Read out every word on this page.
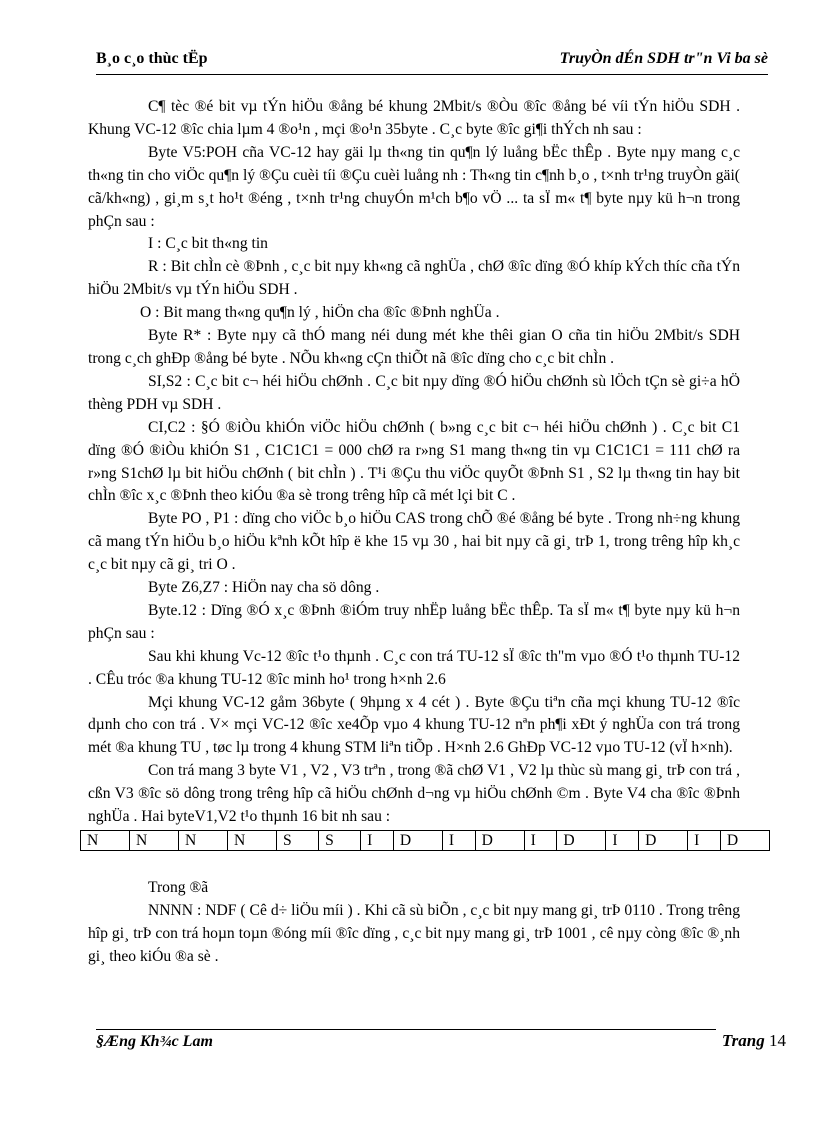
B¸o c¸o thùc tËp	TruyÒn dÉn SDH tr"n Vi ba sè

C¶ tèc ®é bit vµ tÝn hiÖu ®ång bé khung 2Mbit/s ®Òu ®îc ®ång bé víi tÝn hiÖu SDH . Khung VC-12 ®îc chia lµm 4 ®o¹n , mçi ®o¹n 35byte . C¸c byte ®îc gi¶i thÝch nh sau :

Byte V5:POH cña VC-12 hay gäi lµ th«ng tin qu¶n lý luång bËc thÊp . Byte nµy mang c¸c th«ng tin cho viÖc qu¶n lý ®Çu cuèi tíi ®Çu cuèi luång nh : Th«ng tin c¶nh b¸o , t×nh tr¹ng truyÒn gäi( cã/kh«ng) , gi¸m s¸t ho¹t ®éng , t×nh tr¹ng chuyÓn m¹ch b¶o vÖ ... ta sÏ m« t¶ byte nµy kü h¬n trong phÇn sau :

I : C¸c bit th«ng tin

R : Bit chÌn cè ®Þnh , c¸c bit nµy kh«ng cã nghÜa , chØ ®îc dïng ®Ó khíp kÝch thíc cña tÝn hiÖu 2Mbit/s vµ tÝn hiÖu SDH .

O : Bit mang th«ng qu¶n lý , hiÖn cha ®îc ®Þnh nghÜa .

Byte R* : Byte nµy cã thÓ mang néi dung mét khe thêi gian O cña tin hiÖu 2Mbit/s SDH trong c¸ch ghÐp ®ång bé byte . NÕu kh«ng cÇn thiÕt nã ®îc dïng cho c¸c bit chÌn .

SI,S2 : C¸c bit c¬ héi hiÖu chØnh . C¸c bit nµy dïng ®Ó hiÖu chØnh sù lÖch tÇn sè gi÷a hÖ thèng PDH vµ SDH .

CI,C2 : §Ó ®iÒu khiÓn viÖc hiÖu chØnh ( b»ng c¸c bit c¬ héi hiÖu chØnh ) . C¸c bit C1 dïng ®Ó ®iÒu khiÓn S1 , C1C1C1 = 000 chØ ra r»ng S1 mang th«ng tin vµ C1C1C1 = 111 chØ ra r»ng S1chØ lµ bit hiÖu chØnh ( bit chÌn ) . T¹i ®Çu thu viÖc quyÕt ®Þnh S1 , S2 lµ th«ng tin hay bit chÌn ®îc x¸c ®Þnh theo kiÓu ®a sè trong trêng hîp cã mét lçi bit C .

Byte PO , P1 : dïng cho viÖc b¸o hiÖu CAS trong chÕ ®é ®ång bé byte . Trong nh÷ng khung cã mang tÝn hiÖu b¸o hiÖu kªnh kÕt hîp ë khe 15 vµ 30 , hai bit nµy cã gi¸ trÞ 1, trong trêng hîp kh¸c c¸c bit nµy cã gi¸ tri O .

Byte Z6,Z7 : HiÖn nay cha sö dông .

Byte.12 : Dïng ®Ó x¸c ®Þnh ®iÓm truy nhËp luång bËc thÊp. Ta sÏ m« t¶ byte nµy kü h¬n phÇn sau :

Sau khi khung Vc-12 ®îc t¹o thµnh . C¸c con trá TU-12 sÏ ®îc th"m vµo ®Ó t¹o thµnh TU-12 . CÊu tróc ®a khung TU-12 ®îc minh ho¹ trong h×nh 2.6

Mçi khung VC-12 gåm 36byte ( 9hµng x 4 cét ) . Byte ®Çu tiªn cña mçi khung TU-12 ®îc dµnh cho con trá . V× mçi VC-12 ®îc xe4Õp vµo 4 khung TU-12 nªn ph¶i xÐt ý nghÜa con trá trong mét ®a khung TU , tøc lµ trong 4 khung STM liªn tiÕp . H×nh 2.6 GhÐp VC-12 vµo TU-12 (vÏ h×nh).

Con trá mang 3 byte V1 , V2 , V3 trªn , trong ®ã chØ V1 , V2 lµ thùc sù mang gi¸ trÞ con trá , cßn V3 ®îc sö dông trong trêng hîp cã hiÖu chØnh d¬ng vµ hiÖu chØnh ©m . Byte V4 cha ®îc ®Þnh nghÜa . Hai byteV1,V2 t¹o thµnh 16 bit nh sau :

N	N	N	N	S	S	I	D	I	D	I	D	I	D	I	D

Trong ®ã

NNNN : NDF ( Cê d÷ liÖu míi ) . Khi cã sù biÕn , c¸c bit nµy mang gi¸ trÞ 0110 . Trong trêng hîp gi¸ trÞ con trá hoµn toµn ®óng míi ®îc dïng , c¸c bit nµy mang gi¸ trÞ 1001 , cê nµy còng ®îc ®¸nh gi¸ theo kiÓu ®a sè .

§Æng Kh¾c Lam	Trang 14
